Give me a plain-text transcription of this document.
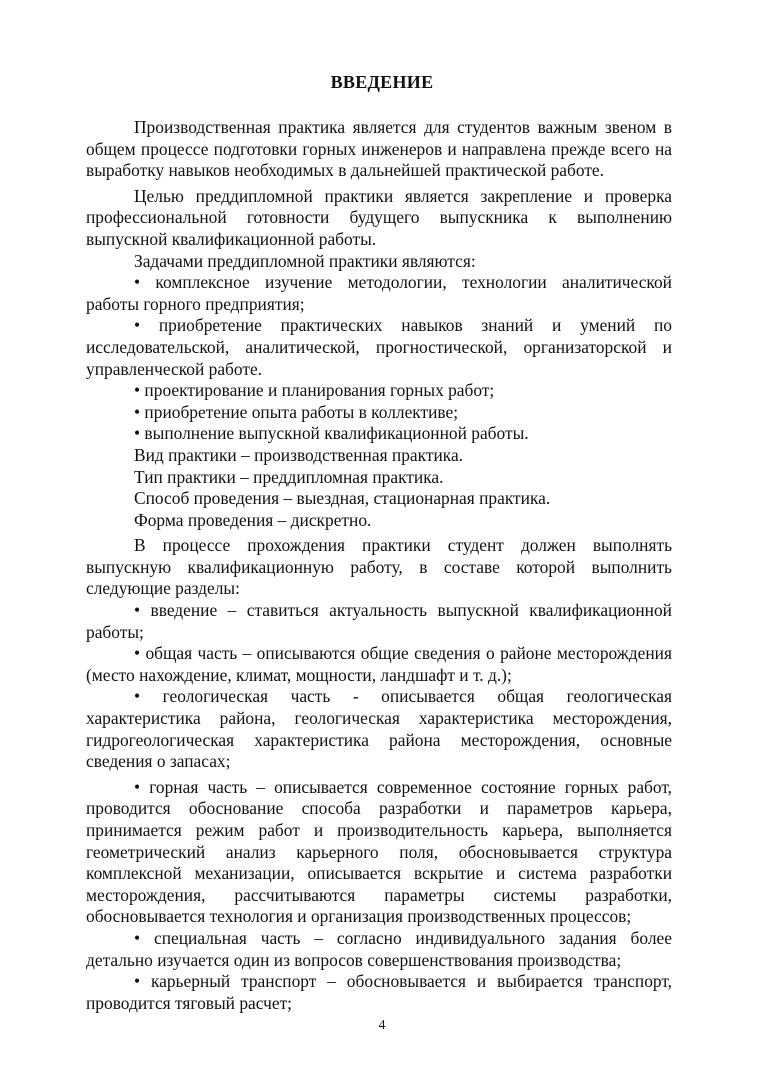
ВВЕДЕНИЕ

Производственная практика является для студентов важным звеном в общем процессе подготовки горных инженеров и направлена прежде всего на выработку навыков необходимых в дальнейшей практической работе.

Целью преддипломной практики является закрепление и проверка профессиональной готовности будущего выпускника к выполнению выпускной квалификационной работы.

Задачами преддипломной практики являются:

• комплексное изучение методологии, технологии аналитической работы горного предприятия;

• приобретение практических навыков знаний и умений по исследовательской, аналитической, прогностической, организаторской и управленческой работе.

• проектирование и планирования горных работ;

• приобретение опыта работы в коллективе;

• выполнение выпускной квалификационной работы.

Вид практики – производственная практика.

Тип практики – преддипломная практика.

Способ проведения – выездная, стационарная практика.

Форма проведения – дискретно.

В процессе прохождения практики студент должен выполнять выпускную квалификационную работу, в составе которой выполнить следующие разделы:

• введение – ставиться актуальность выпускной квалификационной работы;

• общая часть – описываются общие сведения о районе месторождения (место нахождение, климат, мощности, ландшафт и т. д.);

• геологическая часть - описывается общая геологическая характеристика района, геологическая характеристика месторождения, гидрогеологическая характеристика района месторождения, основные сведения о запасах;

• горная часть – описывается современное состояние горных работ, проводится обоснование способа разработки и параметров карьера, принимается режим работ и производительность карьера, выполняется геометрический анализ карьерного поля, обосновывается структура комплексной механизации, описывается вскрытие и система разработки месторождения, рассчитываются параметры системы разработки, обосновывается технология и организация производственных процессов;

• специальная часть – согласно индивидуального задания более детально изучается один из вопросов совершенствования производства;

• карьерный транспорт – обосновывается и выбирается транспорт, проводится тяговый расчет;

4
